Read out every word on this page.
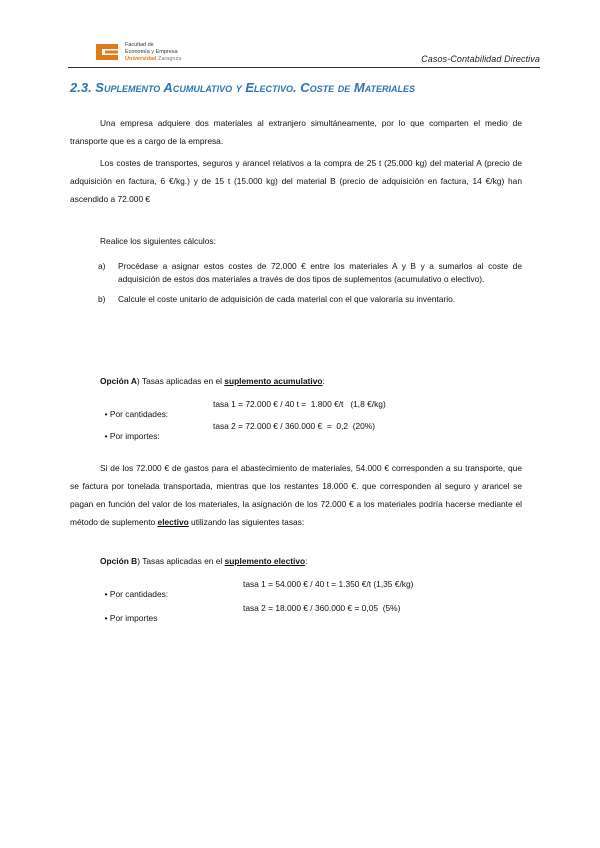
Facultad de
Economía y Empresa
Universidad Zaragoza	Casos-Contabilidad Directiva
2.3. Suplemento Acumulativo y Electivo. Coste de Materiales
Una empresa adquiere dos materiales al extranjero simultáneamente, por lo que comparten el medio de transporte que es a cargo de la empresa.
Los costes de transportes, seguros y arancel relativos a la compra de 25 t (25.000 kg) del material A (precio de adquisición en factura, 6 €/kg.) y de 15 t (15.000 kg) del material B (precio de adquisición en factura, 14 €/kg) han ascendido a 72.000 €
Realice los siguientes cálculos:
a) Procédase a asignar estos costes de 72.000 € entre los materiales A y B y a sumarlos al coste de adquisición de estos dos materiales a través de dos tipos de suplementos (acumulativo o electivo).
b) Calcule el coste unitario de adquisición de cada material con el que valoraría su inventario.
Opción A) Tasas aplicadas en el suplemento acumulativo:

• Por cantidades:

tasa 1 = 72.000 € / 40 t =  1.800 €/t   (1,8 €/kg)

• Por importes:

tasa 2 = 72.000 € / 360.000 €  =  0,2  (20%)

Si de los 72.000 € de gastos para el abastecimiento de materiales, 54.000 € corresponden a su transporte, que se factura por tonelada transportada, mientras que los restantes 18.000 €. que corresponden al seguro y arancel se pagan en función del valor de los materiales, la asignación de los 72.000 € a los materiales podría hacerse mediante el método de suplemento electivo utilizando las siguientes tasas:
Opción B) Tasas aplicadas en el suplemento electivo:

• Por cantidades:

tasa 1 = 54.000 € / 40 t = 1.350 €/t (1,35 €/kg)

• Por importes

tasa 2 = 18.000 € / 360.000 € = 0,05  (5%)
